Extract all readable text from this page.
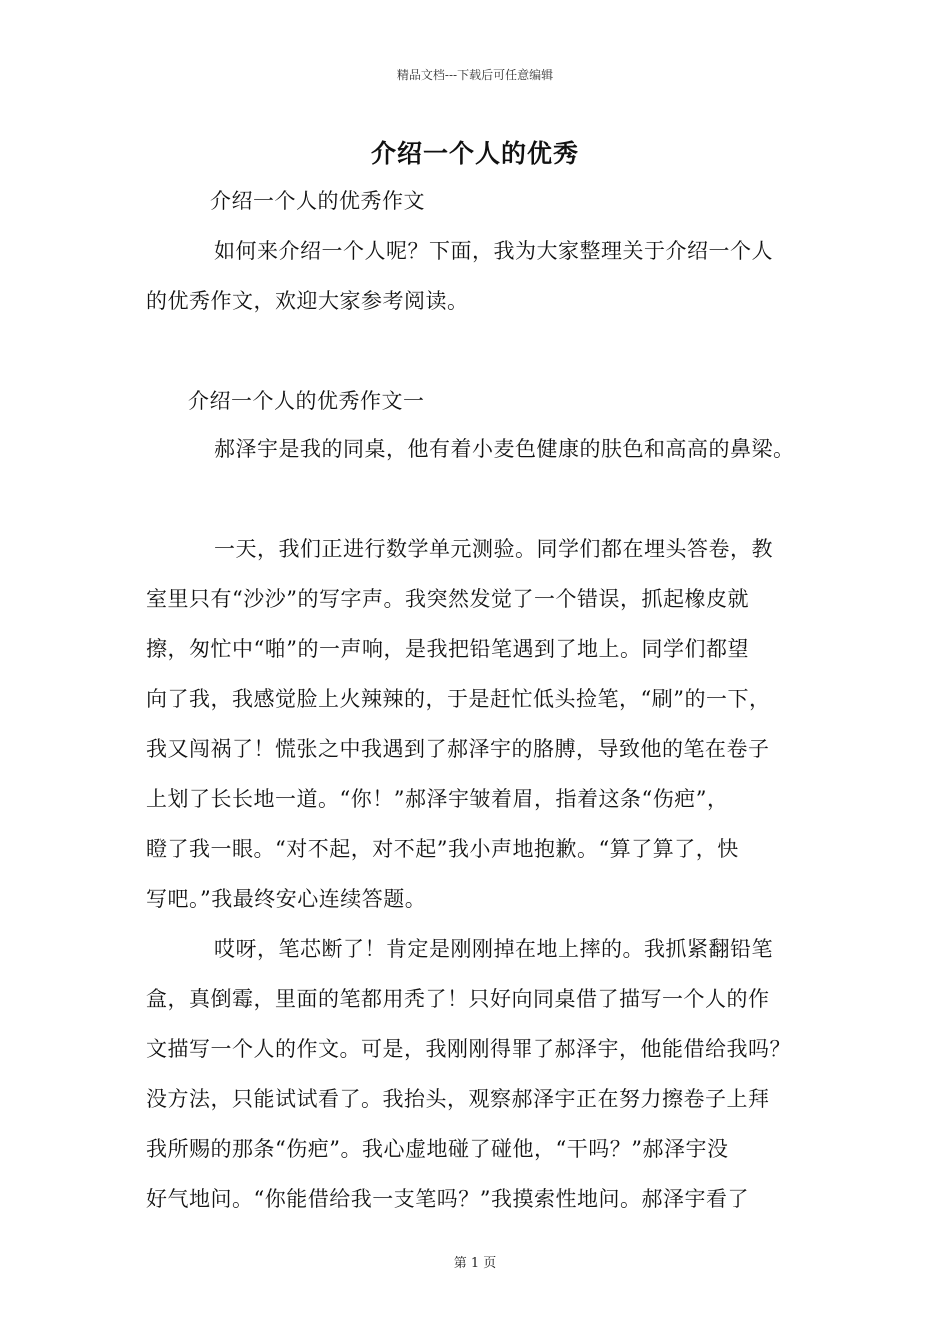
精品文档---下载后可任意编辑
介绍一个人的优秀
介绍一个人的优秀作文
如何来介绍一个人呢？下面，我为大家整理关于介绍一个人
的优秀作文，欢迎大家参考阅读。
介绍一个人的优秀作文一
郝泽宇是我的同桌，他有着小麦色健康的肤色和高高的鼻梁。
一天，我们正进行数学单元测验。同学们都在埋头答卷，教
室里只有“沙沙”的写字声。我突然发觉了一个错误，抓起橡皮就
擦，匆忙中“啪”的一声响，是我把铅笔遇到了地上。同学们都望
向了我，我感觉脸上火辣辣的，于是赶忙低头捡笔，“刷”的一下，
我又闯祸了！慌张之中我遇到了郝泽宇的胳膊，导致他的笔在卷子
上划了长长地一道。“你！”郝泽宇皱着眉，指着这条“伤疤”，
瞪了我一眼。“对不起，对不起”我小声地抱歉。“算了算了，快
写吧。”我最终安心连续答题。
哎呀，笔芯断了！肯定是刚刚掉在地上摔的。我抓紧翻铅笔
盒，真倒霉，里面的笔都用秃了！只好向同桌借了描写一个人的作
文描写一个人的作文。可是，我刚刚得罪了郝泽宇，他能借给我吗？
没方法，只能试试看了。我抬头，观察郝泽宇正在努力擦卷子上拜
我所赐的那条“伤疤”。我心虚地碰了碰他，“干吗？”郝泽宇没
好气地问。“你能借给我一支笔吗？”我摸索性地问。郝泽宇看了
第 1 页
